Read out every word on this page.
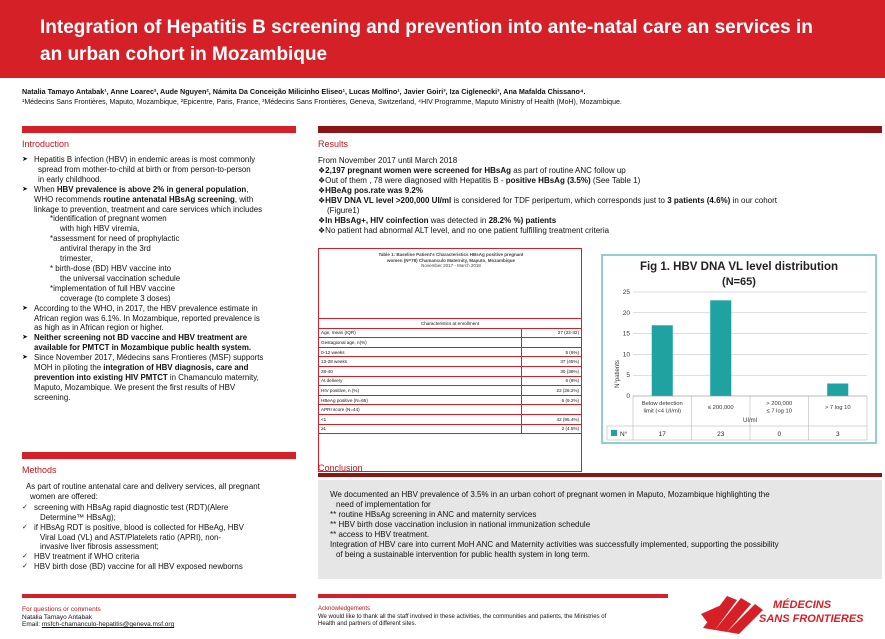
Integration of Hepatitis B screening and prevention into ante-natal care an services in
an urban cohort in Mozambique
Natalia Tamayo Antabak¹, Anne Loarec², Aude Nguyen², Námita Da Conceição Milicinho Eliseo¹, Lucas Molfino¹, Javier Goiri³, Iza Ciglenecki³, Ana Mafalda Chissano⁴.
¹Médecins Sans Frontières, Maputo, Mozambique, ²Epicentre, Paris, France, ³Médecins Sans Frontières, Geneva, Switzerland, ⁴HIV Programme, Maputo Ministry of Health (MoH), Mozambique.
Introduction
➤ Hepatitis B infection (HBV) in endemic areas is most commonly
spread from mother-to-child at birth or from person-to-person
in early childhood.
➤ When HBV prevalence is above 2% in general population,
WHO recommends routine antenatal HBsAg screening, with
linkage to prevention, treatment and care services which includes
*identification of pregnant women
with high HBV viremia,
*assessment for need of prophylactic
antiviral therapy in the 3rd
trimester,
* birth-dose (BD) HBV vaccine into
the universal vaccination schedule
*implementation of full HBV vaccine
coverage (to complete 3 doses)
➤ According to the WHO, in 2017, the HBV prevalence estimate in
African region was 6.1%. In Mozambique, reported prevalence is
as high as in African region or higher.
➤ Neither screening not BD vaccine and HBV treatment are
available for PMTCT in Mozambique public health system.
➤ Since November 2017, Médecins sans Frontieres (MSF) supports
MOH in piloting the integration of HBV diagnosis, care and
prevention into existing HIV PMTCT in Chamanculo maternity,
Maputo, Mozambique. We present the first results of HBV
screening.
Methods
As part of routine antenatal care and delivery services, all pregnant
women are offered:
✓ screening with HBsAg rapid diagnostic test (RDT)(Alere
Determine™ HBsAg);
✓ if HBsAg RDT is positive, blood is collected for HBeAg, HBV
Viral Load (VL) and AST/Platelets ratio (APRI), non-
invasive liver fibrosis assessment;
✓ HBV treatment if WHO criteria
✓ HBV birth dose (BD) vaccine for all HBV exposed newborns
Results

From November 2017 until March 2018

❖2,197 pregnant women were screened for HBsAg as part of routine ANC follow up

❖Out of them , 78 were diagnosed with Hepatitis B - positive HBsAg (3.5%) (See Table 1)

❖HBeAg pos.rate was 9.2%

❖HBV DNA VL level >200,000 UI/ml is considered for TDF peripertum, which corresponds just to 3 patients (4.6%) in our cohort

(Figure1)

❖In HBsAg+, HIV coinfection was detected in 28.2% %) patients

❖No patient had abnormal ALT level, and no one patient fulfilling treatment criteria

Table 1: Baseline Patient's Characteristics HBsAg positive pregnant
women (N=78) Chamanculo Maternity, Maputo, Mozambique
November 2017 - March 2018
Characteristics at enrollment	
Age, mean (IQR)	27 (22-32)
Gestagional age, n(%)	
0-12 weeks	5 (6%)
13-28 weeks	37 (45%)
28-40	30 (38%)
At delivery	6 (8%)
HIV positive, n (%)	22 (28.2%)
HBeAg positive (N=65)	6 (9.2%)
APRI score (N=44)	
<1	42 (95.4%)
≥1	2 (4.5%)
Fig 1. HBV DNA VL level distribution
(N=65)
0
5
10
15
20
25
Below detection
limit (<4 UI/ml)
17
≤ 200,000
23
> 200,000
≤ 7 log 10
0
> 7 log 10
3
UI/ml
N°
N°patients
Conclusion

We documented an HBV prevalence of 3.5% in an urban cohort of pregnant women in Maputo, Mozambique highlighting the

need of implementation for

** routine HBsAg screening in ANC and maternity services

** HBV birth dose vaccination inclusion in national immunization schedule

** access to HBV treatment.

Integration of HBV care into current MoH ANC and Maternity activities was successfully implemented, supporting the possibility

of being a sustainable intervention for public health system in long term.

For questions or comments
Natalia Tamayo Antabak
Email: msfch-chamanculo-hepatitis@geneva.msf.org
Acknowledgements
We would like to thank all the staff involved in these activities, the communities and patients, the Ministries of
Health and partners of different sites.
MÉDECINS
SANS FRONTIERES
